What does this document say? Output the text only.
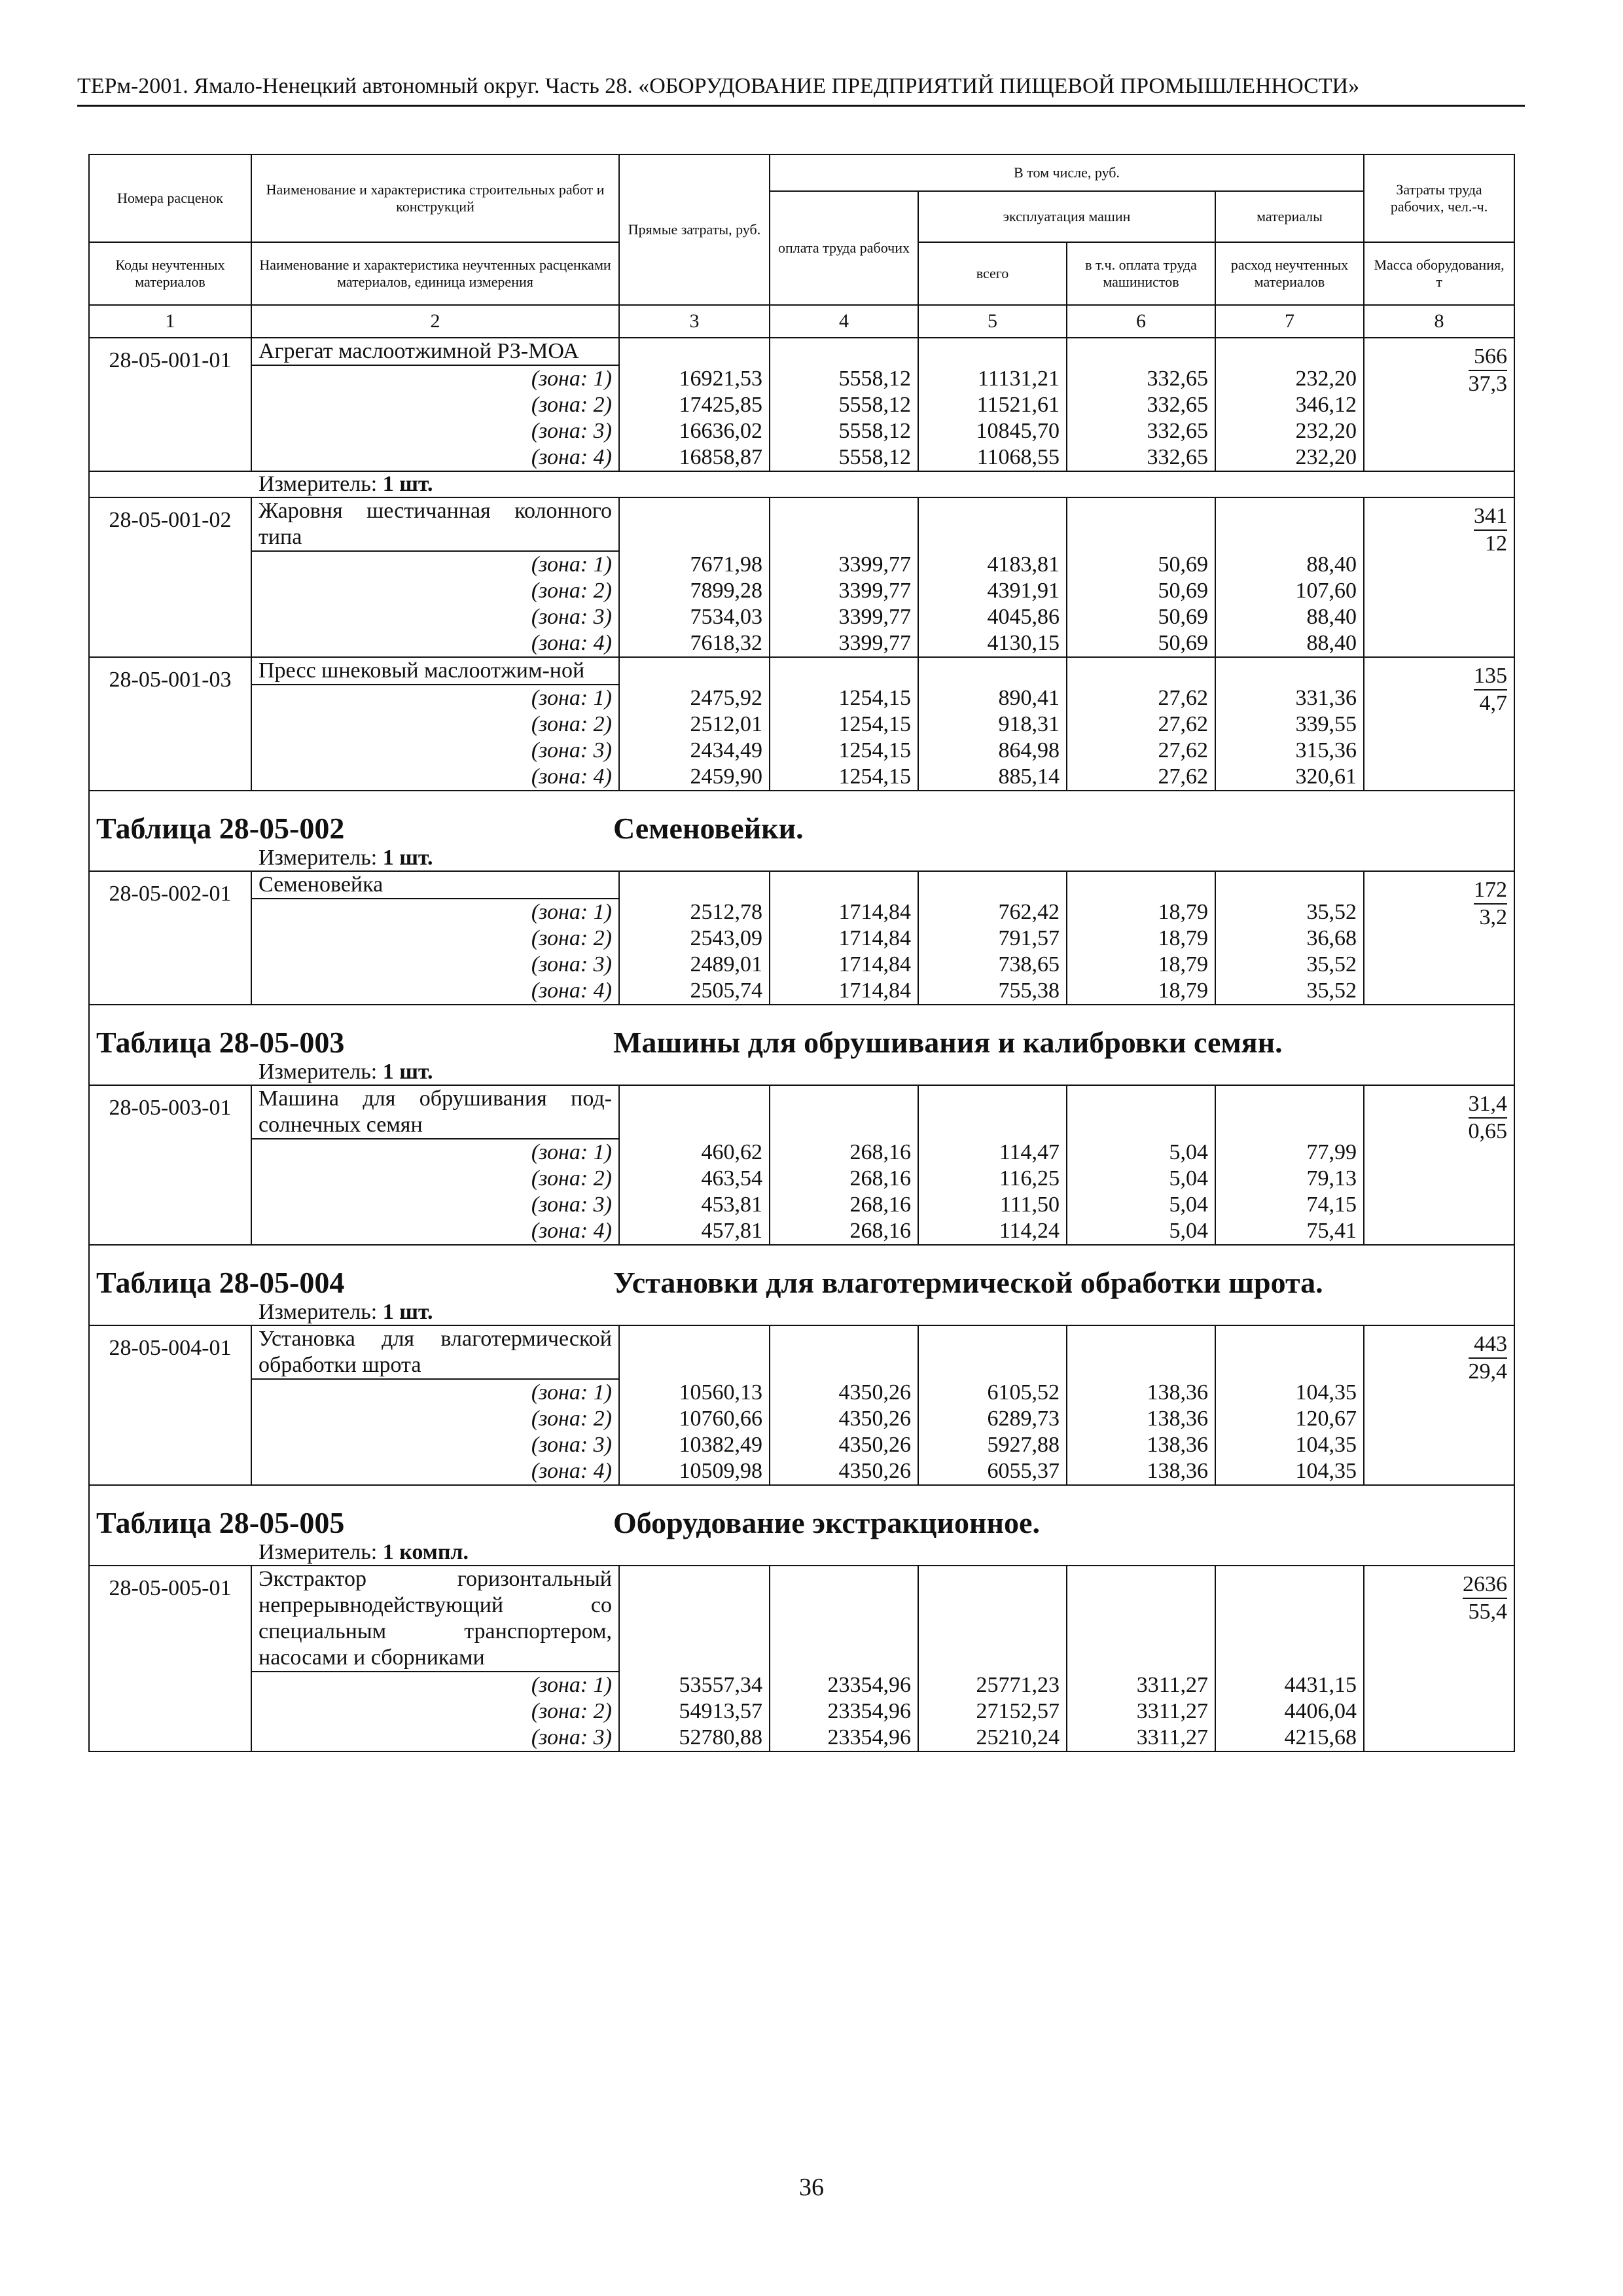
ТЕРм-2001. Ямало-Ненецкий автономный округ. Часть 28. «ОБОРУДОВАНИЕ ПРЕДПРИЯТИЙ ПИЩЕВОЙ ПРОМЫШЛЕННОСТИ»
Номера расценок	Наименование и характеристика строительных работ и конструкций	Прямые затраты, руб.	В том числе, руб.				Затраты труда рабочих, чел.-ч.
			оплата труда рабочих	эксплуатация машин		материалы	
Коды неучтенных материалов	Наименование и характеристика неучтенных расценками материалов, единица измерения			всего	в т.ч. оплата труда машинистов	расход неучтенных материалов	Масса оборудования, т
1	2	3	4	5	6	7	8
28-05-001-01	Агрегат маслоотжимной РЗ-МОА						$\frac{566}{37,3}$

	(зона: 1)	16921,53	5558,12	11131,21	332,65	232,20	
	(зона: 2)	17425,85	5558,12	11521,61	332,65	346,12	
	(зона: 3)	16636,02	5558,12	10845,70	332,65	232,20	
	(зона: 4)	16858,87	5558,12	11068,55	332,65	232,20	
Измеритель: 1 шт.							
28-05-001-02	Жаровня шестичанная колонного типа						$\frac{341}{12}$

	(зона: 1)	7671,98	3399,77	4183,81	50,69	88,40	
	(зона: 2)	7899,28	3399,77	4391,91	50,69	107,60	
	(зона: 3)	7534,03	3399,77	4045,86	50,69	88,40	
	(зона: 4)	7618,32	3399,77	4130,15	50,69	88,40	
28-05-001-03	Пресс шнековый маслоотжим-ной						$\frac{135}{4,7}$

	(зона: 1)	2475,92	1254,15	890,41	27,62	331,36	
	(зона: 2)	2512,01	1254,15	918,31	27,62	339,55	
	(зона: 3)	2434,49	1254,15	864,98	27,62	315,36	
	(зона: 4)	2459,90	1254,15	885,14	27,62	320,61	
Таблица 28-05-002 Семеновейки.							
Измеритель: 1 шт.							
28-05-002-01	Семеновейка						$\frac{172}{3,2}$

	(зона: 1)	2512,78	1714,84	762,42	18,79	35,52	
	(зона: 2)	2543,09	1714,84	791,57	18,79	36,68	
	(зона: 3)	2489,01	1714,84	738,65	18,79	35,52	
	(зона: 4)	2505,74	1714,84	755,38	18,79	35,52	
Таблица 28-05-003 Машины для обрушивания и калибровки семян.							
Измеритель: 1 шт.							
28-05-003-01	Машина для обрушивания под-солнечных семян						$\frac{31,4}{0,65}$

	(зона: 1)	460,62	268,16	114,47	5,04	77,99	
	(зона: 2)	463,54	268,16	116,25	5,04	79,13	
	(зона: 3)	453,81	268,16	111,50	5,04	74,15	
	(зона: 4)	457,81	268,16	114,24	5,04	75,41	
Таблица 28-05-004 Установки для влаготермической обработки шрота.							
Измеритель: 1 шт.							
28-05-004-01	Установка для влаготермической обработки шрота						$\frac{443}{29,4}$

	(зона: 1)	10560,13	4350,26	6105,52	138,36	104,35	
	(зона: 2)	10760,66	4350,26	6289,73	138,36	120,67	
	(зона: 3)	10382,49	4350,26	5927,88	138,36	104,35	
	(зона: 4)	10509,98	4350,26	6055,37	138,36	104,35	
Таблица 28-05-005 Оборудование экстракционное.							
Измеритель: 1 компл.							
28-05-005-01	Экстрактор горизонтальный непрерывнодействующий со специальным транспортером, насосами и сборниками						$\frac{2636}{55,4}$

	(зона: 1)	53557,34	23354,96	25771,23	3311,27	4431,15	
	(зона: 2)	54913,57	23354,96	27152,57	3311,27	4406,04	
	(зона: 3)	52780,88	23354,96	25210,24	3311,27	4215,68	
36
